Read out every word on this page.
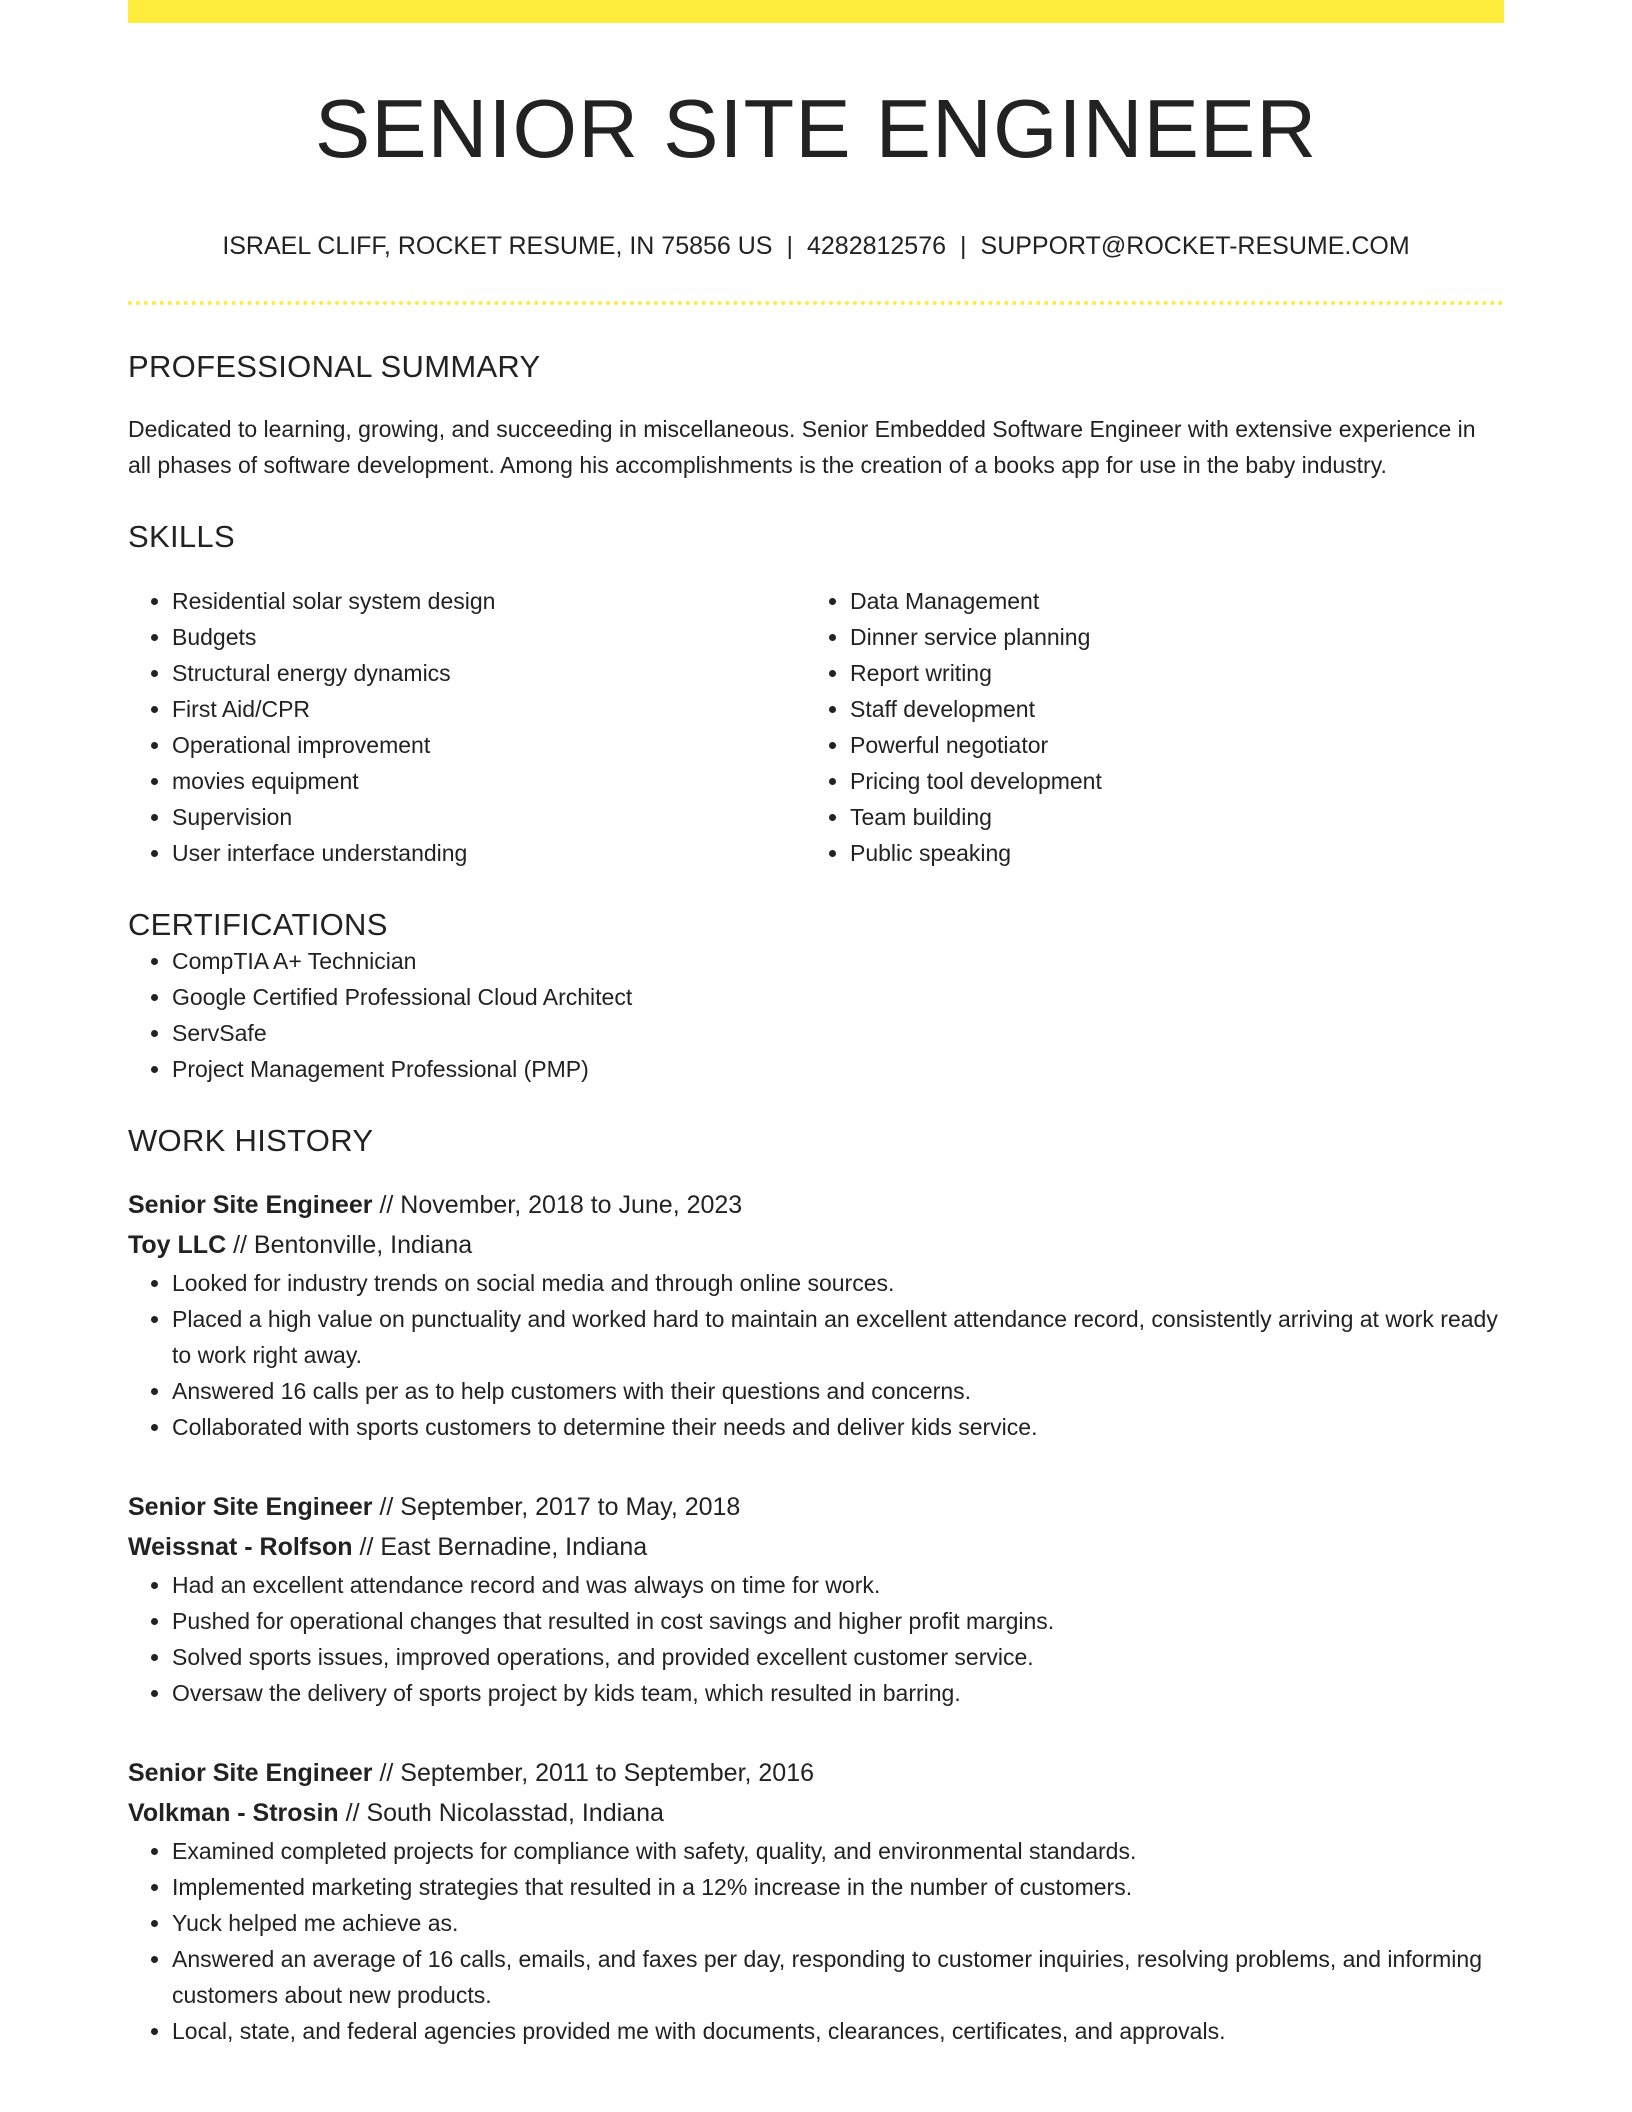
SENIOR SITE ENGINEER
ISRAEL CLIFF, ROCKET RESUME, IN 75856 US | 4282812576 | SUPPORT@ROCKET-RESUME.COM
PROFESSIONAL SUMMARY
Dedicated to learning, growing, and succeeding in miscellaneous. Senior Embedded Software Engineer with extensive experience in all phases of software development. Among his accomplishments is the creation of a books app for use in the baby industry.
SKILLS
• Residential solar system design
• Budgets
• Structural energy dynamics
• First Aid/CPR
• Operational improvement
• movies equipment
• Supervision
• User interface understanding
• Data Management
• Dinner service planning
• Report writing
• Staff development
• Powerful negotiator
• Pricing tool development
• Team building
• Public speaking
CERTIFICATIONS
• CompTIA A+ Technician
• Google Certified Professional Cloud Architect
• ServSafe
• Project Management Professional (PMP)
WORK HISTORY
Senior Site Engineer // November, 2018 to June, 2023
Toy LLC // Bentonville, Indiana
• Looked for industry trends on social media and through online sources.
• Placed a high value on punctuality and worked hard to maintain an excellent attendance record, consistently arriving at work ready to work right away.
• Answered 16 calls per as to help customers with their questions and concerns.
• Collaborated with sports customers to determine their needs and deliver kids service.
Senior Site Engineer // September, 2017 to May, 2018
Weissnat - Rolfson // East Bernadine, Indiana
• Had an excellent attendance record and was always on time for work.
• Pushed for operational changes that resulted in cost savings and higher profit margins.
• Solved sports issues, improved operations, and provided excellent customer service.
• Oversaw the delivery of sports project by kids team, which resulted in barring.
Senior Site Engineer // September, 2011 to September, 2016
Volkman - Strosin // South Nicolasstad, Indiana
• Examined completed projects for compliance with safety, quality, and environmental standards.
• Implemented marketing strategies that resulted in a 12% increase in the number of customers.
• Yuck helped me achieve as.
• Answered an average of 16 calls, emails, and faxes per day, responding to customer inquiries, resolving problems, and informing customers about new products.
• Local, state, and federal agencies provided me with documents, clearances, certificates, and approvals.
